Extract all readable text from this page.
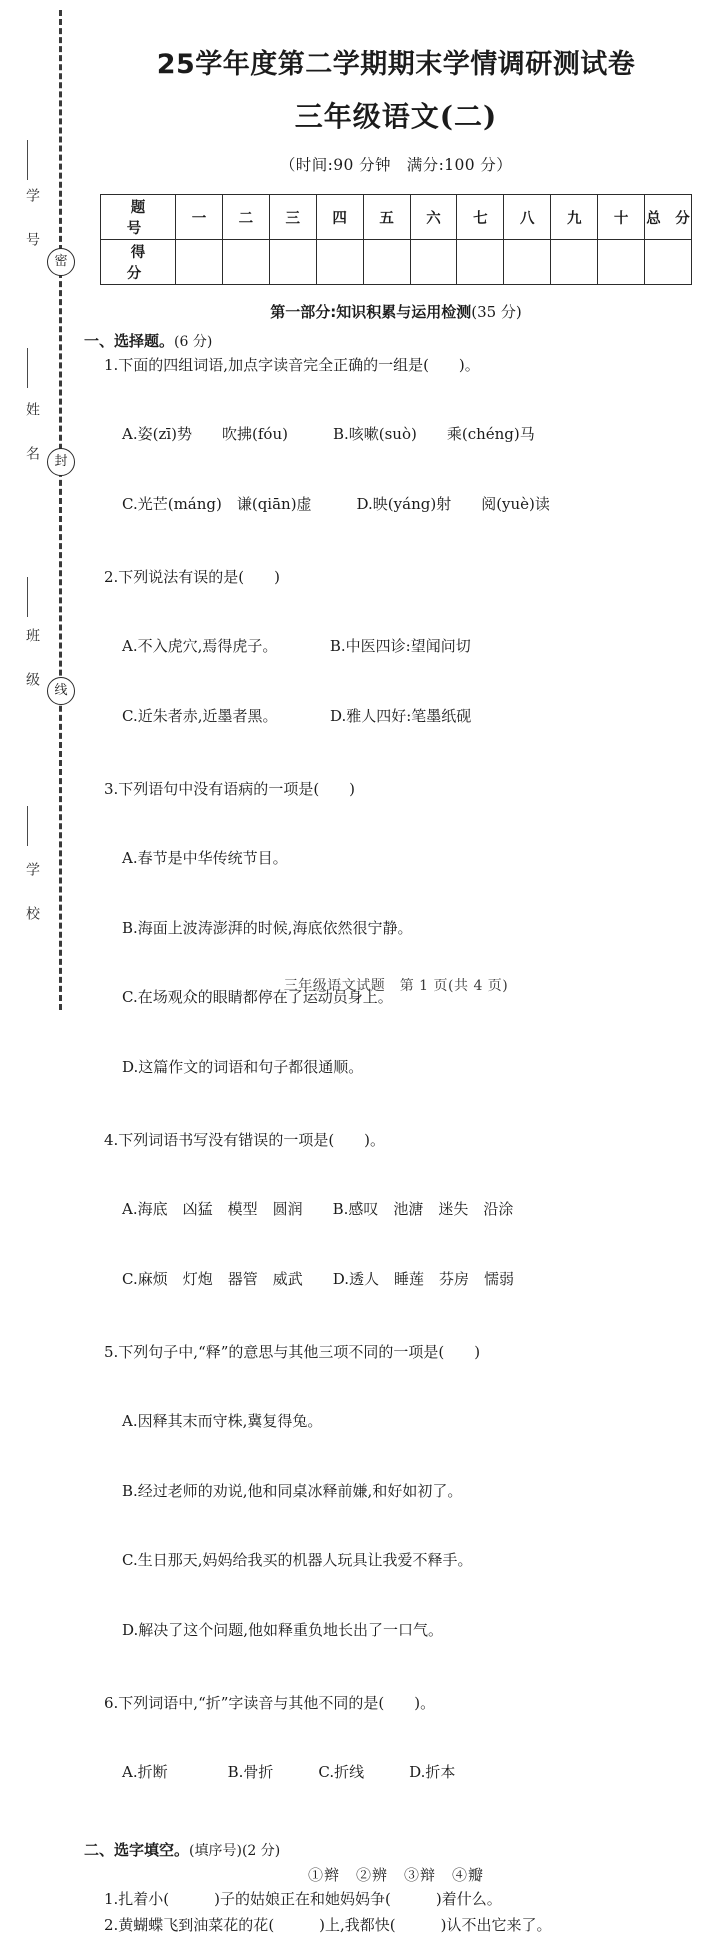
学 号
姓 名
班 级
学 校
密
封
线
25学年度第二学期期末学情调研测试卷
三年级语文(二)
（时间:90 分钟　满分:100 分）
题　号	一	二	三	四	五	六	七	八	九	十	总　分
得　分											
第一部分:知识积累与运用检测(35 分)
一、选择题。(6 分)
1.下面的四组词语,加点字读音完全正确的一组是(　　)。

A.姿(zī)势　　吹拂(fóu)　　　B.咳嗽(suò)　　乘(chéng)马

C.光芒(máng)　谦(qiān)虚　　　D.映(yáng)射　　阅(yuè)读

2.下列说法有误的是(　　)

A.不入虎穴,焉得虎子。　　　　B.中医四诊:望闻问切

C.近朱者赤,近墨者黑。　　　　D.雅人四好:笔墨纸砚

3.下列语句中没有语病的一项是(　　)

A.春节是中华传统节目。

B.海面上波涛澎湃的时候,海底依然很宁静。

C.在场观众的眼睛都停在了运动员身上。

D.这篇作文的词语和句子都很通顺。

4.下列词语书写没有错误的一项是(　　)。

A.海底　凶猛　模型　圆润　　B.感叹　池溏　迷失　沿涂

C.麻烦　灯炮　器管　威武　　D.透人　睡莲　芬房　懦弱

5.下列句子中,“释”的意思与其他三项不同的一项是(　　)

A.因释其末而守株,冀复得兔。

B.经过老师的劝说,他和同桌冰释前嫌,和好如初了。

C.生日那天,妈妈给我买的机器人玩具让我爱不释手。

D.解决了这个问题,他如释重负地长出了一口气。

6.下列词语中,“折”字读音与其他不同的是(　　)。

A.折断　　　　B.骨折　　　C.折线　　　D.折本

二、选字填空。(填序号)(2 分)
①辫　②辨　③辩　④瓣
1.扎着小(　　　)子的姑娘正在和她妈妈争(　　　)着什么。
2.黄蝴蝶飞到油菜花的花(　　　)上,我都快(　　　)认不出它来了。
三年级语文试题　第 1 页(共 4 页)
